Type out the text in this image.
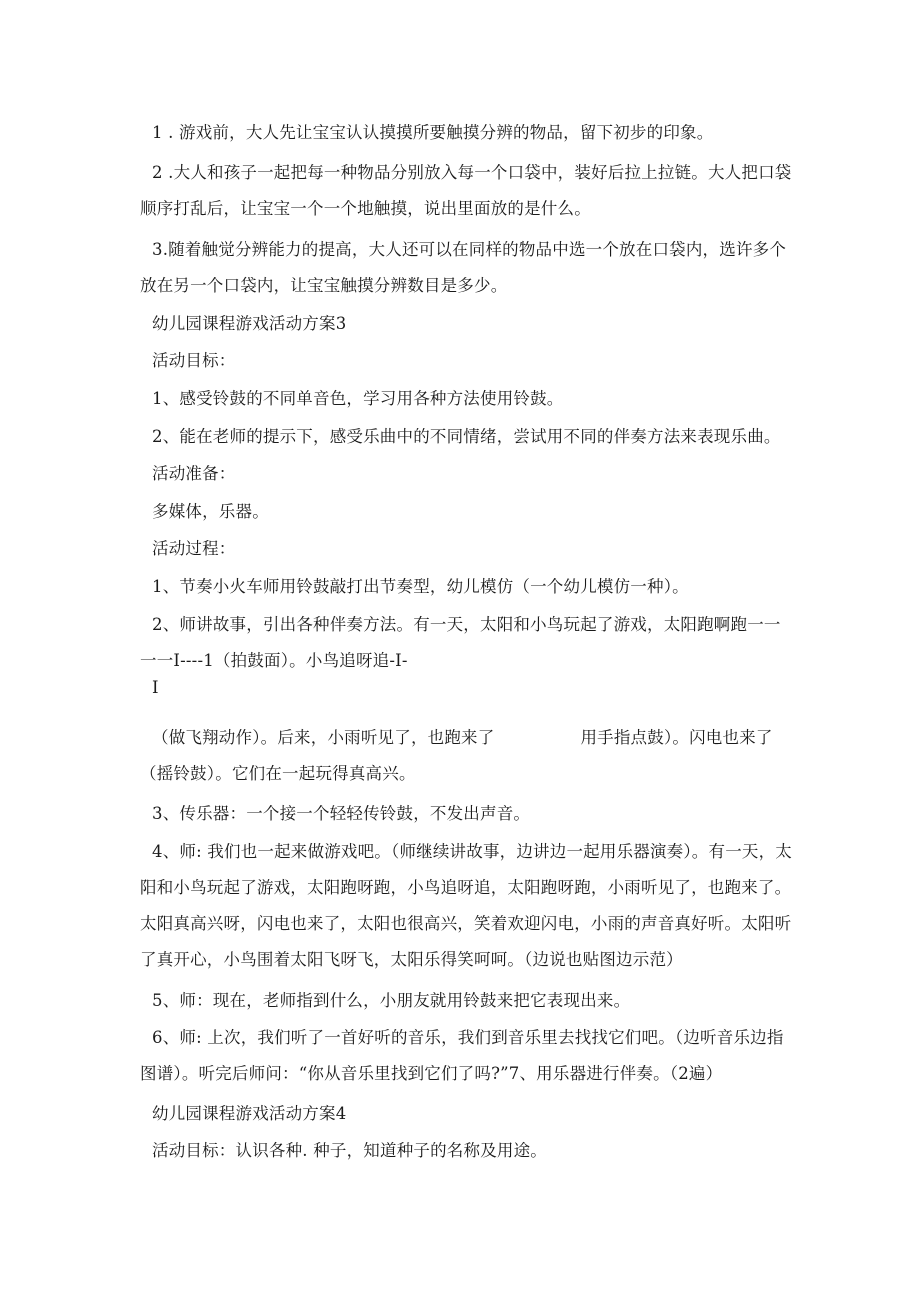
1 . 游戏前，大人先让宝宝认认摸摸所要触摸分辨的物品，留下初步的印象。

2 .大人和孩子一起把每一种物品分别放入每一个口袋中，装好后拉上拉链。大人把口袋顺序打乱后，让宝宝一个一个地触摸，说出里面放的是什么。

3.随着触觉分辨能力的提高，大人还可以在同样的物品中选一个放在口袋内，选许多个放在另一个口袋内，让宝宝触摸分辨数目是多少。

幼儿园课程游戏活动方案3

活动目标：

1、感受铃鼓的不同单音色，学习用各种方法使用铃鼓。

2、能在老师的提示下，感受乐曲中的不同情绪，尝试用不同的伴奏方法来表现乐曲。

活动准备：

多媒体，乐器。

活动过程：

1、节奏小火车师用铃鼓敲打出节奏型，幼儿模仿（一个幼儿模仿一种）。

2、师讲故事，引出各种伴奏方法。有一天，太阳和小鸟玩起了游戏，太阳跑啊跑一一一一I----1（拍鼓面）。小鸟追呀追-I-

I

（做飞翔动作）。后来，小雨听见了，也跑来了	用手指点鼓）。闪电也来了（摇铃鼓）。它们在一起玩得真高兴。

3、传乐器：一个接一个轻轻传铃鼓，不发出声音。

4、师: 我们也一起来做游戏吧。（师继续讲故事，边讲边一起用乐器演奏）。有一天，太阳和小鸟玩起了游戏，太阳跑呀跑，小鸟追呀追，太阳跑呀跑，小雨听见了，也跑来了。太阳真高兴呀，闪电也来了，太阳也很高兴，笑着欢迎闪电，小雨的声音真好听。太阳听了真开心，小鸟围着太阳飞呀飞，太阳乐得笑呵呵。（边说也贴图边示范）

5、师：现在，老师指到什么，小朋友就用铃鼓来把它表现出来。

6、师: 上次，我们听了一首好听的音乐，我们到音乐里去找找它们吧。（边听音乐边指图谱）。听完后师问：“你从音乐里找到它们了吗?”7、用乐器进行伴奏。（2遍）

幼儿园课程游戏活动方案4

活动目标：认识各种. 种子，知道种子的名称及用途。
